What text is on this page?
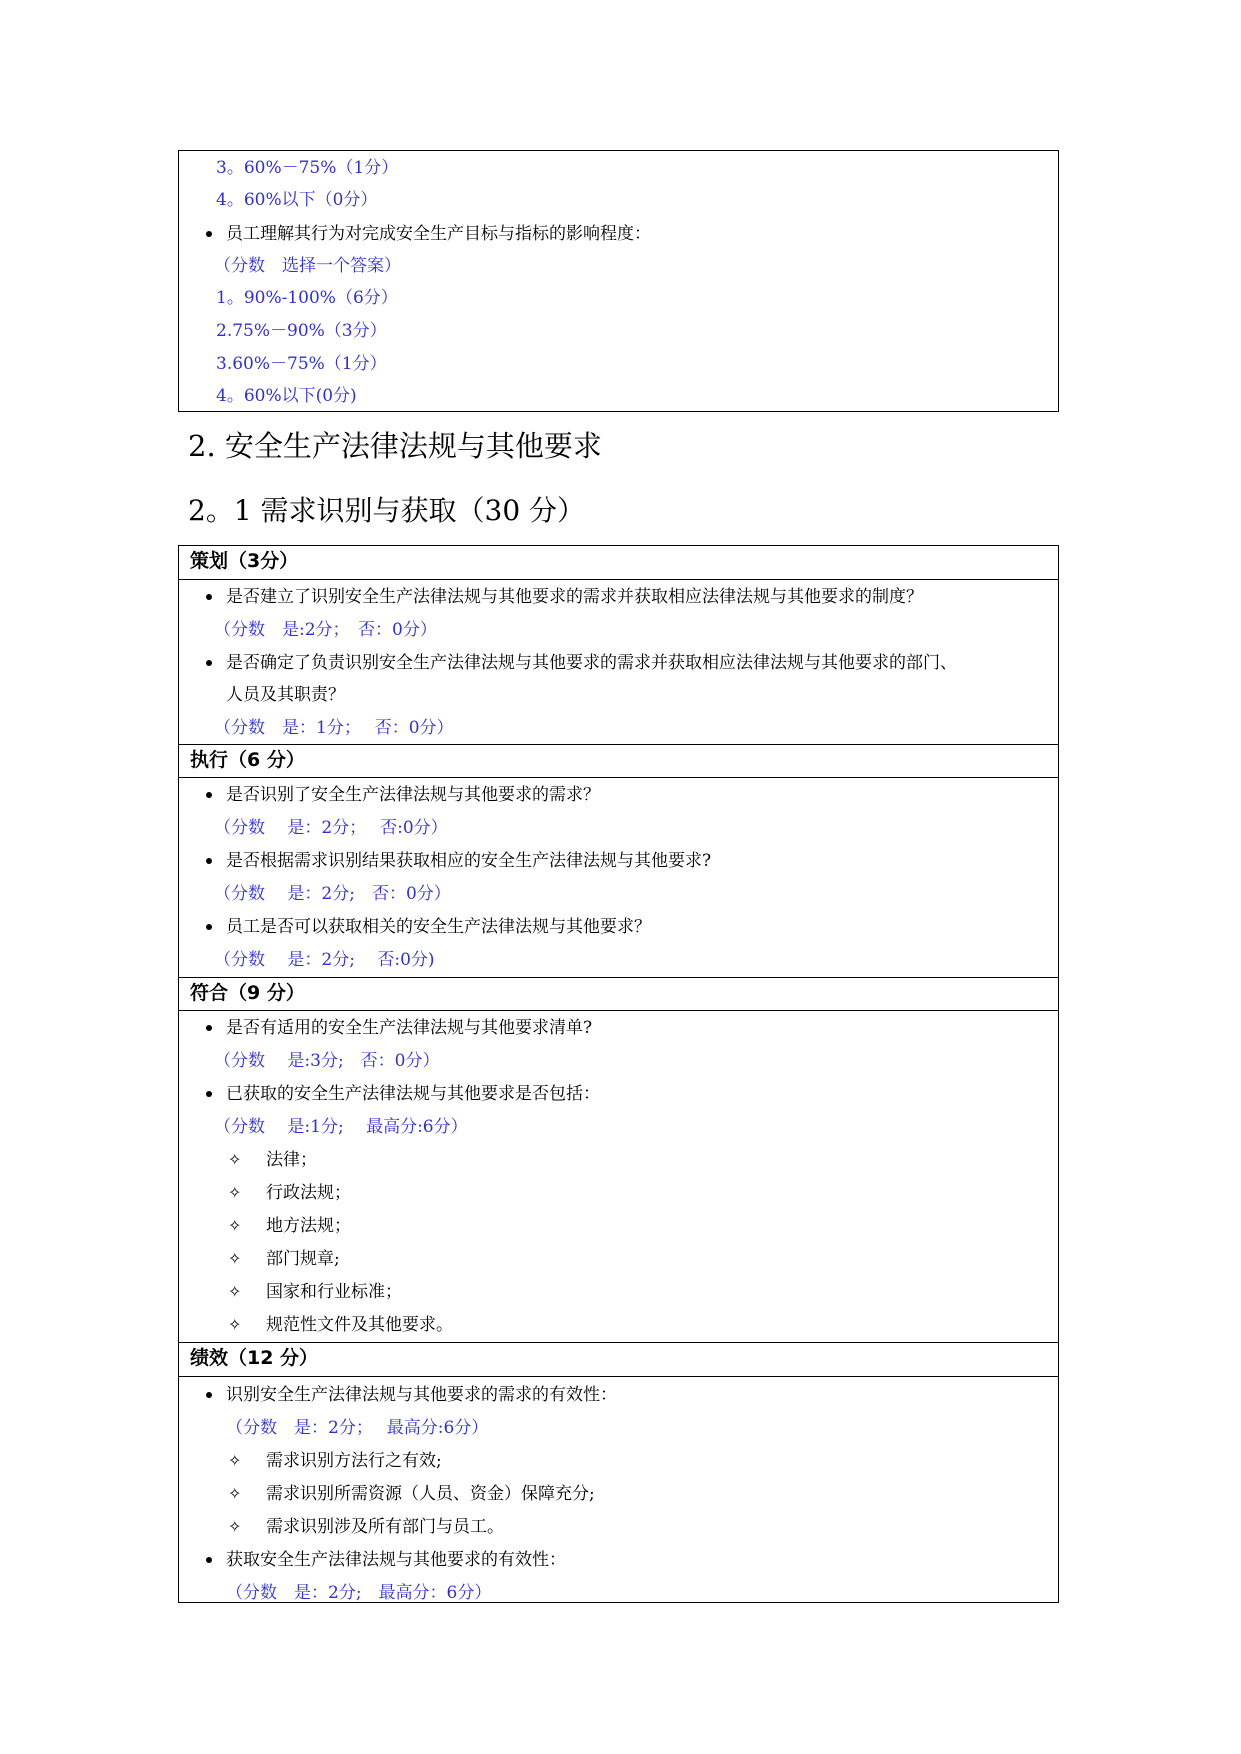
3。60%－75%（1分）
4。60%以下（0分）
员工理解其行为对完成安全生产目标与指标的影响程度：
（分数　选择一个答案）
1。90%-100%（6分）
2.75%－90%（3分）
3.60%－75%（1分）
4。60%以下(0分)
2. 安全生产法律法规与其他要求
2。1 需求识别与获取（30 分）
策划（3分）
是否建立了识别安全生产法律法规与其他要求的需求并获取相应法律法规与其他要求的制度？
（分数　是:2分；　否：0分）
是否确定了负责识别安全生产法律法规与其他要求的需求并获取相应法律法规与其他要求的部门、
人员及其职责？
（分数　是：1分；　 否：0分）
执行（6 分）
是否识别了安全生产法律法规与其他要求的需求？
（分数　 是：2分；　 否:0分）
是否根据需求识别结果获取相应的安全生产法律法规与其他要求?
（分数　 是：2分;　否：0分）
员工是否可以获取相关的安全生产法律法规与其他要求？
（分数　 是：2分;　 否:0分)
符合（9 分）
是否有适用的安全生产法律法规与其他要求清单?
（分数　 是:3分;　否：0分）
已获取的安全生产法律法规与其他要求是否包括：
（分数　 是:1分;　 最高分:6分）
✧ 法律；
✧ 行政法规；
✧ 地方法规；
✧ 部门规章;
✧ 国家和行业标准；
✧ 规范性文件及其他要求。
绩效（12 分）
识别安全生产法律法规与其他要求的需求的有效性：
（分数　是：2分；　 最高分:6分）
✧ 需求识别方法行之有效;
✧ 需求识别所需资源（人员、资金）保障充分;
✧ 需求识别涉及所有部门与员工。
获取安全生产法律法规与其他要求的有效性：
（分数　是：2分;　最高分：6分）
